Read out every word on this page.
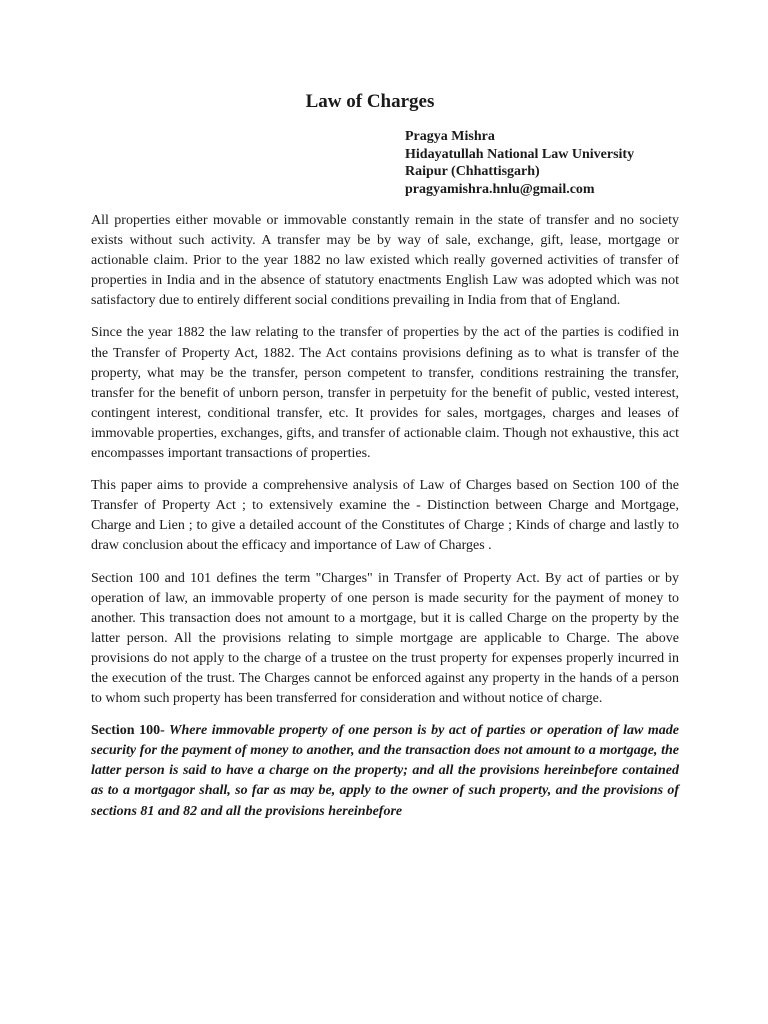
Law of Charges
Pragya Mishra
Hidayatullah National Law University
Raipur (Chhattisgarh)
pragyamishra.hnlu@gmail.com

All properties either movable or immovable constantly remain in the state of transfer and no society exists without such activity. A transfer may be by way of sale, exchange, gift, lease, mortgage or actionable claim. Prior to the year 1882 no law existed which really governed activities of transfer of properties in India and in the absence of statutory enactments English Law was adopted which was not satisfactory due to entirely different social conditions prevailing in India from that of England.

Since the year 1882 the law relating to the transfer of properties by the act of the parties is codified in the Transfer of Property Act, 1882. The Act contains provisions defining as to what is transfer of the property, what may be the transfer, person competent to transfer, conditions restraining the transfer, transfer for the benefit of unborn person, transfer in perpetuity for the benefit of public, vested interest, contingent interest, conditional transfer, etc. It provides for sales, mortgages, charges and leases of immovable properties, exchanges, gifts, and transfer of actionable claim. Though not exhaustive, this act encompasses important transactions of properties.

This paper aims to provide a comprehensive analysis of Law of Charges based on Section 100 of the Transfer of Property Act ; to extensively examine the - Distinction between Charge and Mortgage, Charge and Lien ; to give a detailed account of the Constitutes of Charge ; Kinds of charge and lastly to draw conclusion about the efficacy and importance of Law of Charges .

Section 100 and 101 defines the term "Charges" in Transfer of Property Act. By act of parties or by operation of law, an immovable property of one person is made security for the payment of money to another. This transaction does not amount to a mortgage, but it is called Charge on the property by the latter person. All the provisions relating to simple mortgage are applicable to Charge. The above provisions do not apply to the charge of a trustee on the trust property for expenses properly incurred in the execution of the trust. The Charges cannot be enforced against any property in the hands of a person to whom such property has been transferred for consideration and without notice of charge.

Section 100- Where immovable property of one person is by act of parties or operation of law made security for the payment of money to another, and the transaction does not amount to a mortgage, the latter person is said to have a charge on the property; and all the provisions hereinbefore contained as to a mortgagor shall, so far as may be, apply to the owner of such property, and the provisions of sections 81 and 82 and all the provisions hereinbefore
